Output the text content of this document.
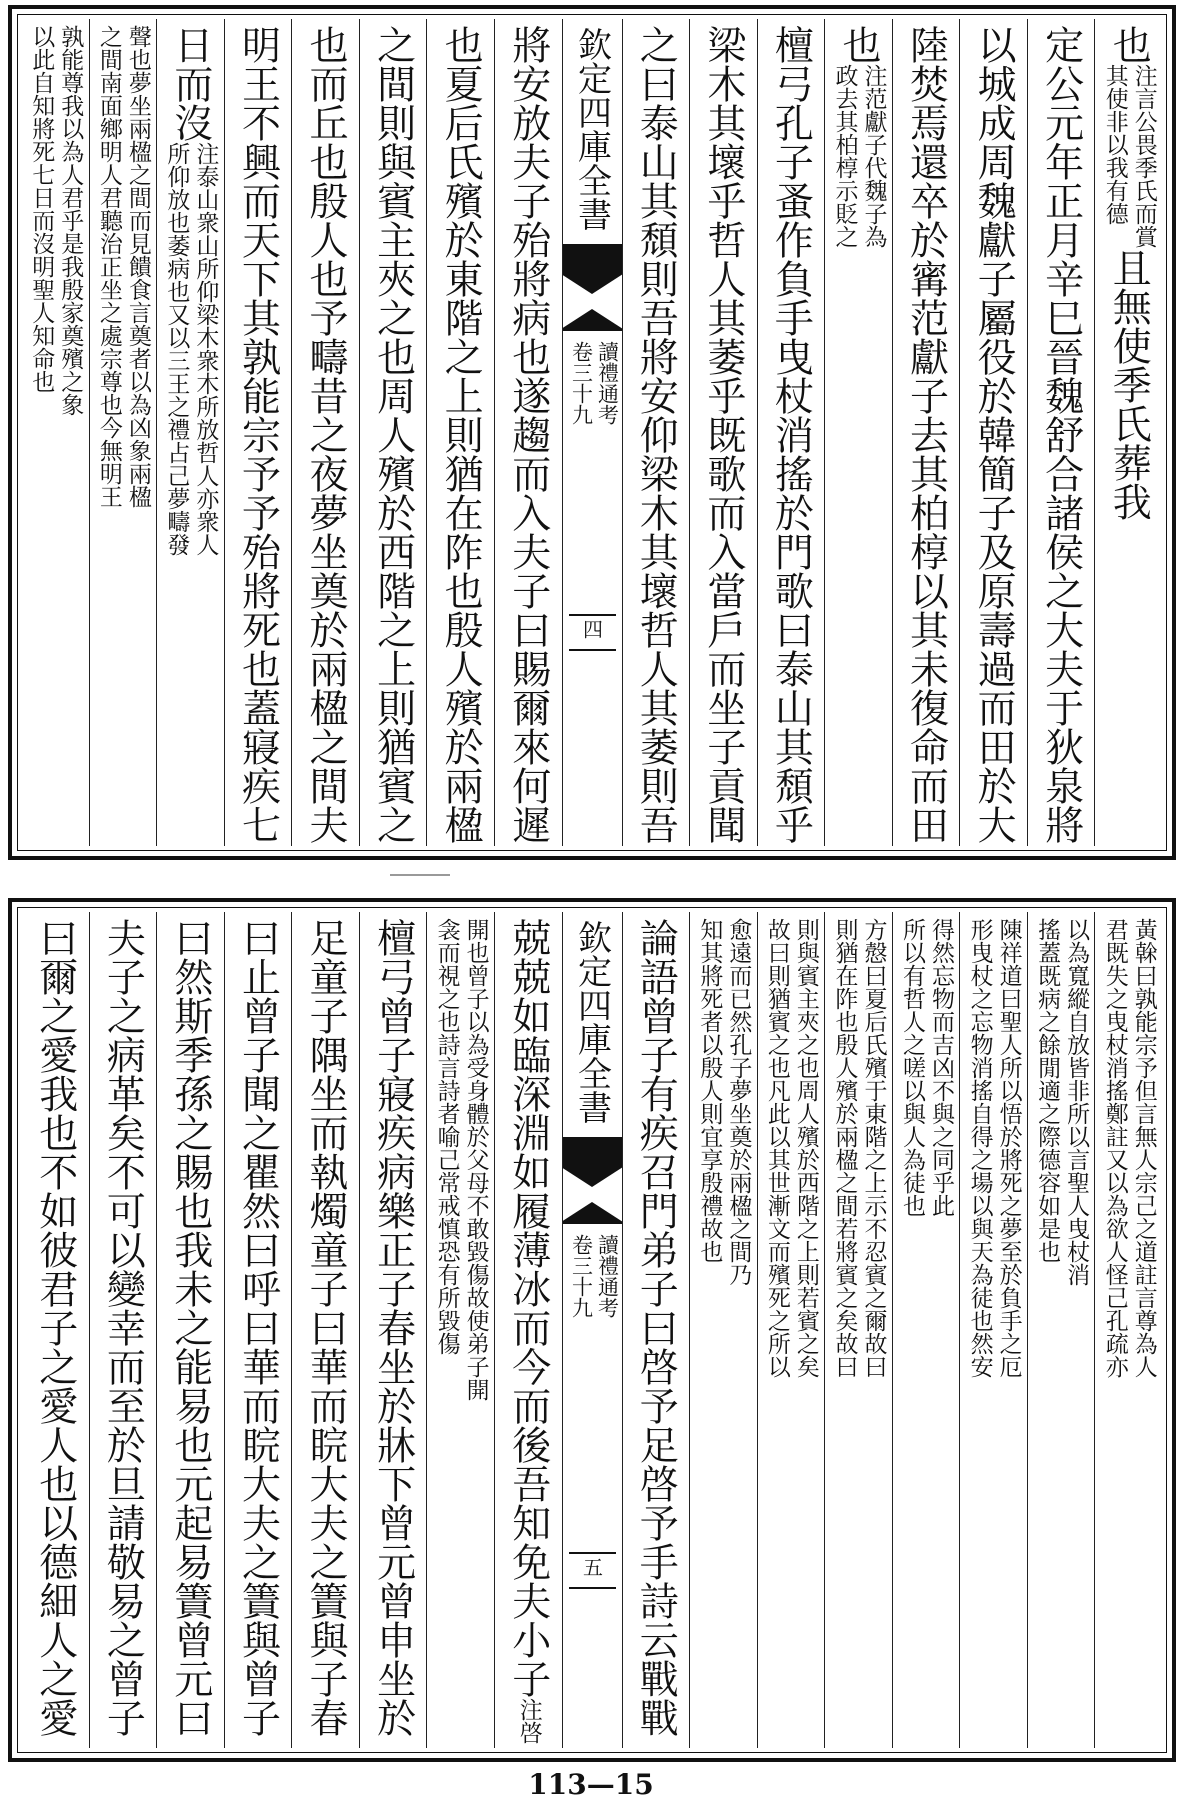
也
注言公畏季氏而賞
其使非以我有德
且無使季氏葬我
定公元年正月辛巳晉魏舒合諸侯之大夫于狄泉將
以城成周魏獻子屬役於韓簡子及原壽過而田於大
陸焚焉還卒於寗范獻子去其柏椁以其未復命而田
也
注范獻子代魏子為
政去其柏椁示貶之
檀弓孔子蚤作負手曳杖消搖於門歌曰泰山其頹乎
梁木其壞乎哲人其萎乎既歌而入當戶而坐子貢聞
之曰泰山其頹則吾將安仰梁木其壞哲人其萎則吾
欽定四庫全書
讀禮通考
卷三十九
四
將安放夫子殆將病也遂趨而入夫子曰賜爾來何遲
也夏后氏殯於東階之上則猶在阼也殷人殯於兩楹
之間則與賓主夾之也周人殯於西階之上則猶賓之
也而丘也殷人也予疇昔之夜夢坐奠於兩楹之間夫
明王不興而天下其孰能宗予予殆將死也蓋寢疾七
日而沒
注泰山衆山所仰梁木衆木所放哲人亦衆人
所仰放也萎病也又以三王之禮占己夢疇發
聲也夢坐兩楹之間而見饋食言奠者以為凶象兩楹
之間南面鄉明人君聽治正坐之處宗尊也今無明王
孰能尊我以為人君乎是我殷家奠殯之象
以此自知將死七日而沒明聖人知命也
黃榦曰孰能宗予但言無人宗己之道註言尊為人
君既失之曳杖消搖鄭註又以為欲人怪己孔疏亦
以為寬縱自放皆非所以言聖人曳杖消
搖蓋既病之餘閒適之際德容如是也
陳祥道曰聖人所以悟於將死之夢至於負手之厄
形曳杖之忘物消搖自得之場以與天為徒也然安
得然忘物而吉凶不與之同乎此
所以有哲人之嗟以與人為徒也
方慤曰夏后氏殯于東階之上示不忍賓之爾故曰
則猶在阼也殷人殯於兩楹之間若將賓之矣故曰
則與賓主夾之也周人殯於西階之上則若賓之矣
故曰則猶賓之也凡此以其世漸文而殯死之所以
愈遠而已然孔子夢坐奠於兩楹之間乃
知其將死者以殷人則宜享殷禮故也
論語曾子有疾召門弟子曰啓予足啓予手詩云戰戰
欽定四庫全書
讀禮通考
卷三十九
五
兢兢如臨深淵如履薄冰而今而後吾知免夫小子
注啓
開也曾子以為受身體於父母不敢毀傷故使弟子開
衾而視之也詩言詩者喻己常戒慎恐有所毀傷
檀弓曾子寢疾病樂正子春坐於牀下曾元曾申坐於
足童子隅坐而執燭童子曰華而睆大夫之簀與子春
曰止曾子聞之瞿然曰呼曰華而睆大夫之簀與曾子
曰然斯季孫之賜也我未之能易也元起易簀曾元曰
夫子之病革矣不可以變幸而至於旦請敬易之曾子
曰爾之愛我也不如彼君子之愛人也以德細人之愛
113—15
